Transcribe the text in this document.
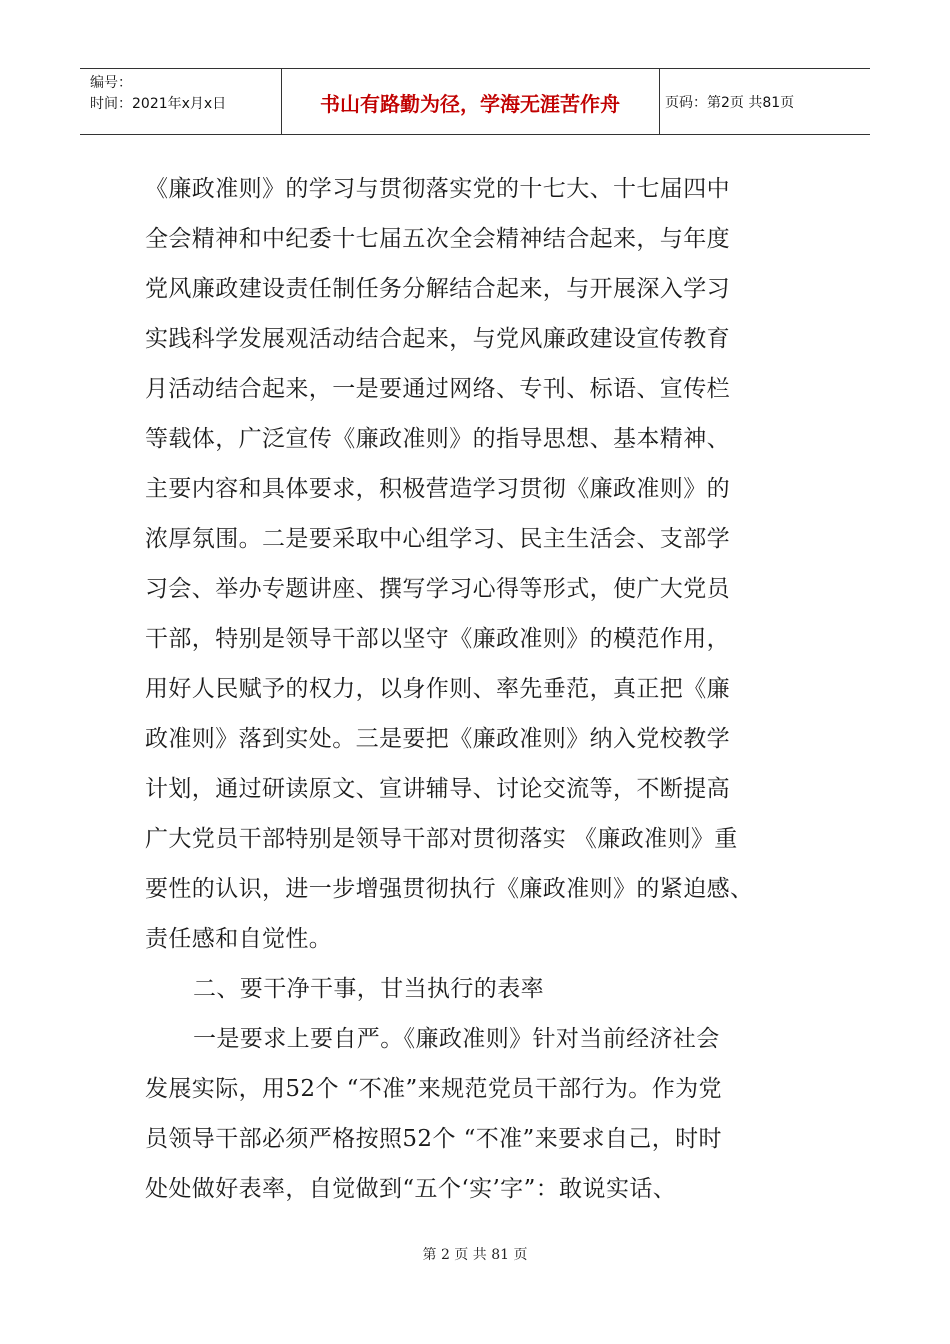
编号：
时间：2021年x月x日	书山有路勤为径，学海无涯苦作舟	页码：第2页 共81页
《廉政准则》的学习与贯彻落实党的十七大、十七届四中
全会精神和中纪委十七届五次全会精神结合起来，与年度
党风廉政建设责任制任务分解结合起来，与开展深入学习
实践科学发展观活动结合起来，与党风廉政建设宣传教育
月活动结合起来，一是要通过网络、专刊、标语、宣传栏
等载体，广泛宣传《廉政准则》的指导思想、基本精神、
主要内容和具体要求，积极营造学习贯彻《廉政准则》的
浓厚氛围。二是要采取中心组学习、民主生活会、支部学
习会、举办专题讲座、撰写学习心得等形式，使广大党员
干部，特别是领导干部以坚守《廉政准则》的模范作用，
用好人民赋予的权力，以身作则、率先垂范，真正把《廉
政准则》落到实处。三是要把《廉政准则》纳入党校教学
计划，通过研读原文、宣讲辅导、讨论交流等，不断提高
广大党员干部特别是领导干部对贯彻落实 《廉政准则》重
要性的认识，进一步增强贯彻执行《廉政准则》的紧迫感、
责任感和自觉性。
二、要干净干事，甘当执行的表率
一是要求上要自严。《廉政准则》针对当前经济社会
发展实际，用52个 “不准”来规范党员干部行为。作为党
员领导干部必须严格按照52个 “不准”来要求自己，时时
处处做好表率，自觉做到“五个‘实’字”：敢说实话、
第 2 页 共 81 页
